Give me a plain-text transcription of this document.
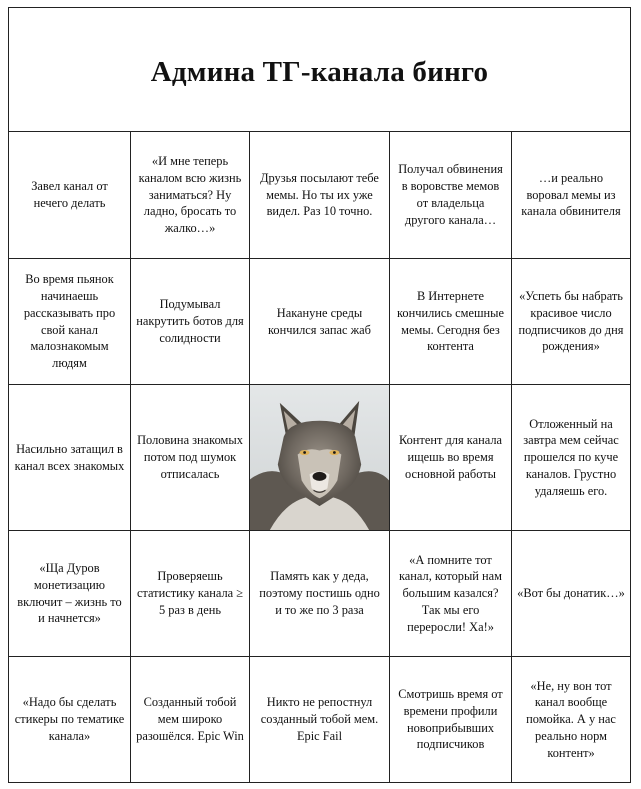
Админа ТГ-канала бинго
Завел канал от нечего делать
«И мне теперь каналом всю жизнь заниматься? Ну ладно, бросать то жалко…»
Друзья посылают тебе мемы. Но ты их уже видел. Раз 10 точно.
Получал обвинения в воровстве мемов от владельца другого канала…
…и реально воровал мемы из канала обвинителя
Во время пьянок начинаешь рассказывать про свой канал малознакомым людям
Подумывал накрутить ботов для солидности
Накануне среды кончился запас жаб
В Интернете кончились смешные мемы. Сегодня без контента
«Успеть бы набрать красивое число подписчиков до дня рождения»
Насильно затащил в канал всех знакомых
Половина знакомых потом под шумок отписалась
Контент для канала ищешь во время основной работы
Отложенный на завтра мем сейчас прошелся по куче каналов. Грустно удаляешь его.
«Ща Дуров монетизацию включит – жизнь то и начнется»
Проверяешь статистику канала ≥ 5 раз в день
Память как у деда, поэтому постишь одно и то же по 3 раза
«А помните тот канал, который нам большим казался? Так мы его переросли! Ха!»
«Вот бы донатик…»
«Надо бы сделать стикеры по тематике канала»
Созданный тобой мем широко разошёлся. Epic Win
Никто не репостнул созданный тобой мем. Epic Fail
Смотришь время от времени профили новоприбывших подписчиков
«Не, ну вон тот канал вообще помойка. А у нас реально норм контент»
